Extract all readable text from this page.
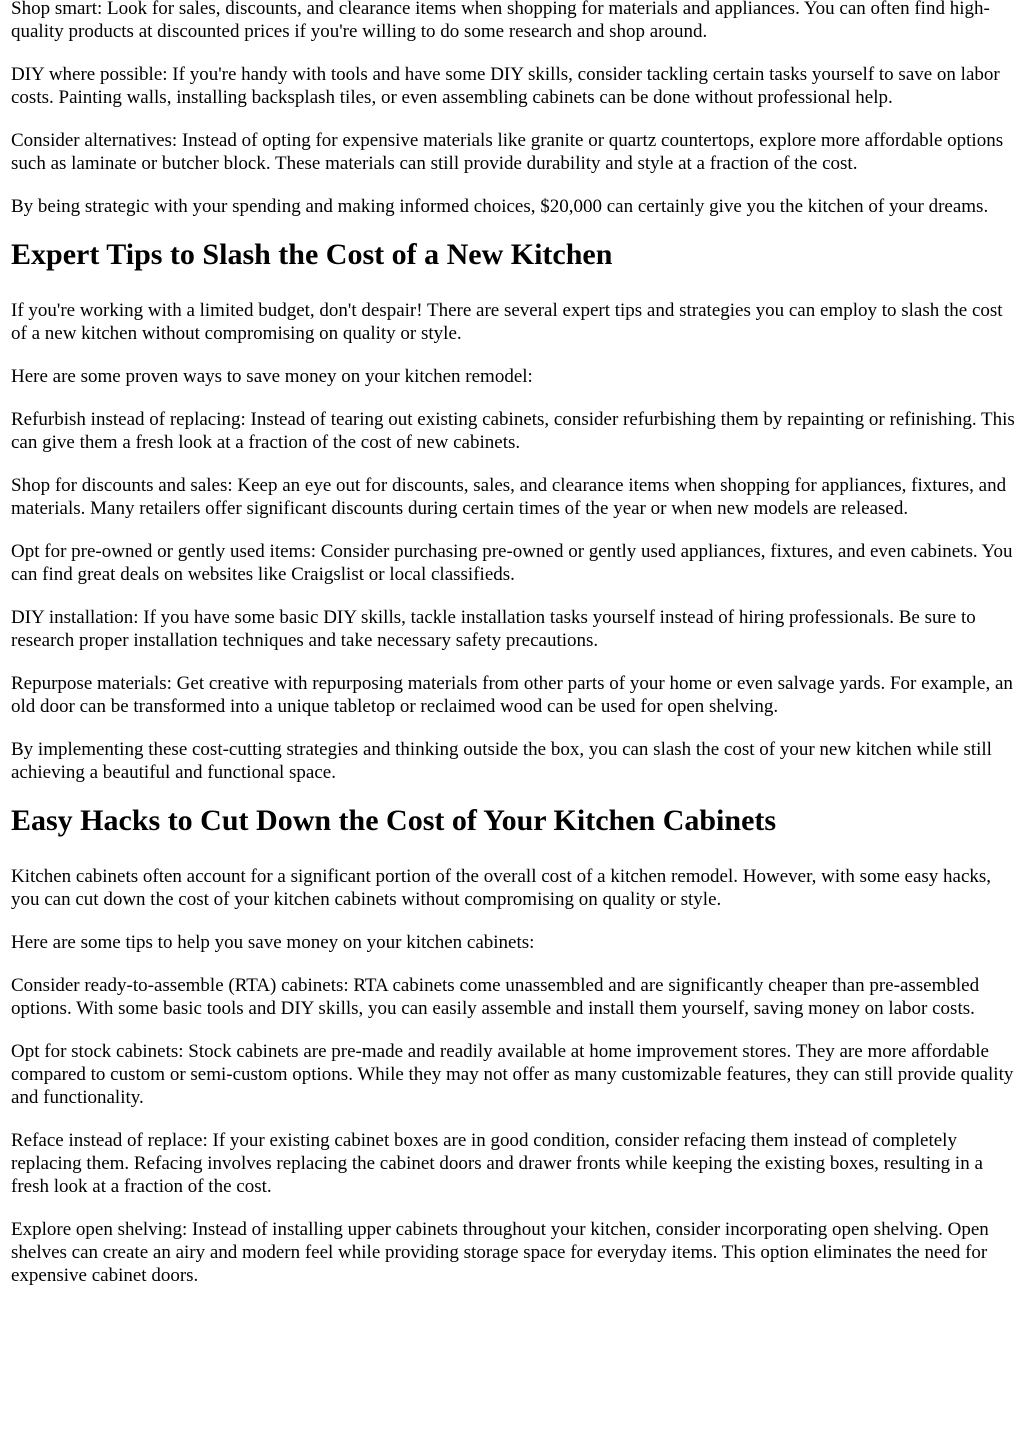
Shop smart: Look for sales, discounts, and clearance items when shopping for materials and appliances. You can often find high-quality products at discounted prices if you're willing to do some research and shop around.

DIY where possible: If you're handy with tools and have some DIY skills, consider tackling certain tasks yourself to save on labor costs. Painting walls, installing backsplash tiles, or even assembling cabinets can be done without professional help.

Consider alternatives: Instead of opting for expensive materials like granite or quartz countertops, explore more affordable options such as laminate or butcher block. These materials can still provide durability and style at a fraction of the cost.

By being strategic with your spending and making informed choices, $20,000 can certainly give you the kitchen of your dreams.

Expert Tips to Slash the Cost of a New Kitchen

If you're working with a limited budget, don't despair! There are several expert tips and strategies you can employ to slash the cost of a new kitchen without compromising on quality or style.

Here are some proven ways to save money on your kitchen remodel:

Refurbish instead of replacing: Instead of tearing out existing cabinets, consider refurbishing them by repainting or refinishing. This can give them a fresh look at a fraction of the cost of new cabinets.

Shop for discounts and sales: Keep an eye out for discounts, sales, and clearance items when shopping for appliances, fixtures, and materials. Many retailers offer significant discounts during certain times of the year or when new models are released.

Opt for pre-owned or gently used items: Consider purchasing pre-owned or gently used appliances, fixtures, and even cabinets. You can find great deals on websites like Craigslist or local classifieds.

DIY installation: If you have some basic DIY skills, tackle installation tasks yourself instead of hiring professionals. Be sure to research proper installation techniques and take necessary safety precautions.

Repurpose materials: Get creative with repurposing materials from other parts of your home or even salvage yards. For example, an old door can be transformed into a unique tabletop or reclaimed wood can be used for open shelving.

By implementing these cost-cutting strategies and thinking outside the box, you can slash the cost of your new kitchen while still achieving a beautiful and functional space.

Easy Hacks to Cut Down the Cost of Your Kitchen Cabinets

Kitchen cabinets often account for a significant portion of the overall cost of a kitchen remodel. However, with some easy hacks, you can cut down the cost of your kitchen cabinets without compromising on quality or style.

Here are some tips to help you save money on your kitchen cabinets:

Consider ready-to-assemble (RTA) cabinets: RTA cabinets come unassembled and are significantly cheaper than pre-assembled options. With some basic tools and DIY skills, you can easily assemble and install them yourself, saving money on labor costs.

Opt for stock cabinets: Stock cabinets are pre-made and readily available at home improvement stores. They are more affordable compared to custom or semi-custom options. While they may not offer as many customizable features, they can still provide quality and functionality.

Reface instead of replace: If your existing cabinet boxes are in good condition, consider refacing them instead of completely replacing them. Refacing involves replacing the cabinet doors and drawer fronts while keeping the existing boxes, resulting in a fresh look at a fraction of the cost.

Explore open shelving: Instead of installing upper cabinets throughout your kitchen, consider incorporating open shelving. Open shelves can create an airy and modern feel while providing storage space for everyday items. This option eliminates the need for expensive cabinet doors.
